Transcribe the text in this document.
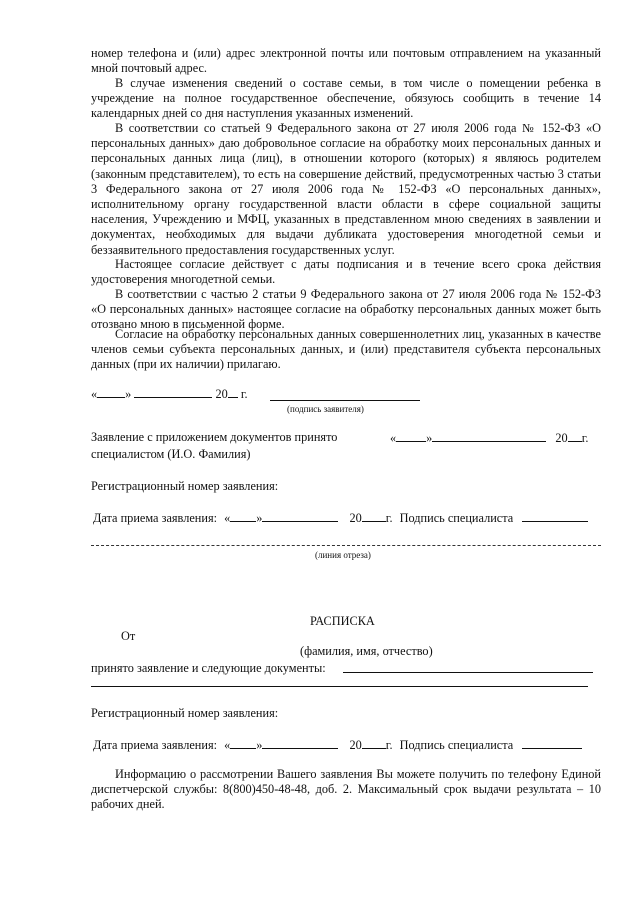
номер телефона и (или) адрес электронной почты или почтовым отправлением на указанный мной почтовый адрес.
В случае изменения сведений о составе семьи, в том числе о помещении ребенка в учреждение на полное государственное обеспечение, обязуюсь сообщить в течение 14 календарных дней со дня наступления указанных изменений.
В соответствии со статьей 9 Федерального закона от 27 июля 2006 года № 152-ФЗ «О персональных данных» даю добровольное согласие на обработку моих персональных данных и персональных данных лица (лиц), в отношении которого (которых) я являюсь родителем (законным представителем), то есть на совершение действий, предусмотренных частью 3 статьи 3 Федерального закона от 27 июля 2006 года № 152-ФЗ «О персональных данных», исполнительному органу государственной власти области в сфере социальной защиты населения, Учреждению и МФЦ, указанных в представленном мною сведениях в заявлении и документах, необходимых для выдачи дубликата удостоверения многодетной семьи и беззаявительного предоставления государственных услуг.
Настоящее согласие действует с даты подписания и в течение всего срока действия удостоверения многодетной семьи.
В соответствии с частью 2 статьи 9 Федерального закона от 27 июля 2006 года № 152-ФЗ «О персональных данных» настоящее согласие на обработку персональных данных может быть отозвано мною в письменной форме.
Согласие на обработку персональных данных совершеннолетних лиц, указанных в качестве членов семьи субъекта персональных данных, и (или) представителя субъекта персональных данных (при их наличии) прилагаю.
« »	20 г.
(подпись заявителя)
Заявление с приложением документов принято
специалистом (И.О. Фамилия)
« »	20 г.
Регистрационный номер заявления:
Дата приема заявления: « »	20 г. Подпись специалиста
(линия отреза)
РАСПИСКА
От
(фамилия, имя, отчество)
принято заявление и следующие документы:
Регистрационный номер заявления:
Дата приема заявления: « »	20 г. Подпись специалиста
Информацию о рассмотрении Вашего заявления Вы можете получить по телефону Единой диспетчерской службы: 8(800)450-48-48, доб. 2. Максимальный срок выдачи результата – 10 рабочих дней.
